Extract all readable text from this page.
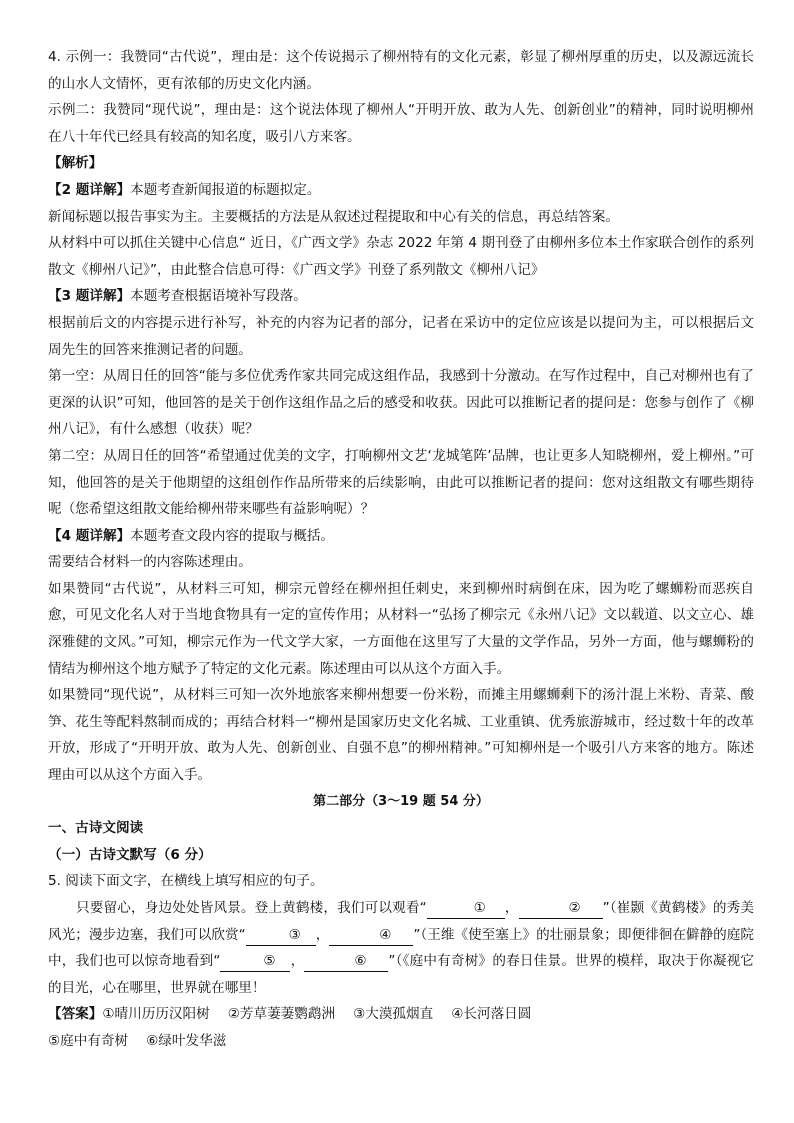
4. 示例一：我赞同“古代说”，理由是：这个传说揭示了柳州特有的文化元素，彰显了柳州厚重的历史，以及源远流长的山水人文情怀，更有浓郁的历史文化内涵。

示例二：我赞同“现代说”，理由是：这个说法体现了柳州人“开明开放、敢为人先、创新创业”的精神，同时说明柳州在八十年代已经具有较高的知名度，吸引八方来客。

【解析】

【2 题详解】本题考查新闻报道的标题拟定。

新闻标题以报告事实为主。主要概括的方法是从叙述过程提取和中心有关的信息，再总结答案。

从材料中可以抓住关键中心信息“ 近日，《广西文学》杂志 2022 年第 4 期刊登了由柳州多位本土作家联合创作的系列散文《柳州八记》”，由此整合信息可得：《广西文学》刊登了系列散文《柳州八记》

【3 题详解】本题考查根据语境补写段落。

根据前后文的内容提示进行补写，补充的内容为记者的部分，记者在采访中的定位应该是以提问为主，可以根据后文周先生的回答来推测记者的问题。

第一空：从周日任的回答“能与多位优秀作家共同完成这组作品，我感到十分激动。在写作过程中，自己对柳州也有了更深的认识”可知，他回答的是关于创作这组作品之后的感受和收获。因此可以推断记者的提问是：您参与创作了《柳州八记》，有什么感想（收获）呢？

第二空：从周日任的回答“希望通过优美的文字，打响柳州文艺‘龙城笔阵’品牌，也让更多人知晓柳州，爱上柳州。”可知，他回答的是关于他期望的这组创作作品所带来的后续影响，由此可以推断记者的提问：您对这组散文有哪些期待呢（您希望这组散文能给柳州带来哪些有益影响呢）？

【4 题详解】本题考查文段内容的提取与概括。

需要结合材料一的内容陈述理由。

如果赞同“古代说”，从材料三可知，柳宗元曾经在柳州担任刺史，来到柳州时病倒在床，因为吃了螺蛳粉而恶疾自愈，可见文化名人对于当地食物具有一定的宣传作用；从材料一“弘扬了柳宗元《永州八记》文以载道、以文立心、雄深雅健的文风。”可知，柳宗元作为一代文学大家，一方面他在这里写了大量的文学作品，另外一方面，他与螺蛳粉的情结为柳州这个地方赋予了特定的文化元素。陈述理由可以从这个方面入手。

如果赞同“现代说”，从材料三可知一次外地旅客来柳州想要一份米粉，而摊主用螺蛳剩下的汤汁混上米粉、青菜、酸笋、花生等配料熬制而成的；再结合材料一“柳州是国家历史文化名城、工业重镇、优秀旅游城市，经过数十年的改革开放，形成了“开明开放、敢为人先、创新创业、自强不息”的柳州精神。”可知柳州是一个吸引八方来客的地方。陈述理由可以从这个方面入手。

第二部分（3～19 题 54 分）

一、古诗文阅读

（一）古诗文默写（6 分）

5. 阅读下面文字，在横线上填写相应的句子。

只要留心，身边处处皆风景。登上黄鹤楼，我们可以观看“	① ，	② ”（崔颢《黄鹤楼》的秀美风光；漫步边塞，我们可以欣赏“	③ ，	④ ”（王维《使至塞上》的壮丽景象；即便徘徊在僻静的庭院中，我们也可以惊奇地看到“	⑤ ，	⑥ ”（《庭中有奇树》的春日佳景。世界的模样，取决于你凝视它的目光，心在哪里，世界就在哪里！

【答案】①晴川历历汉阳树 ②芳草萋萋鹦鹉洲 ③大漠孤烟直 ④长河落日圆

⑤庭中有奇树 ⑥绿叶发华滋
